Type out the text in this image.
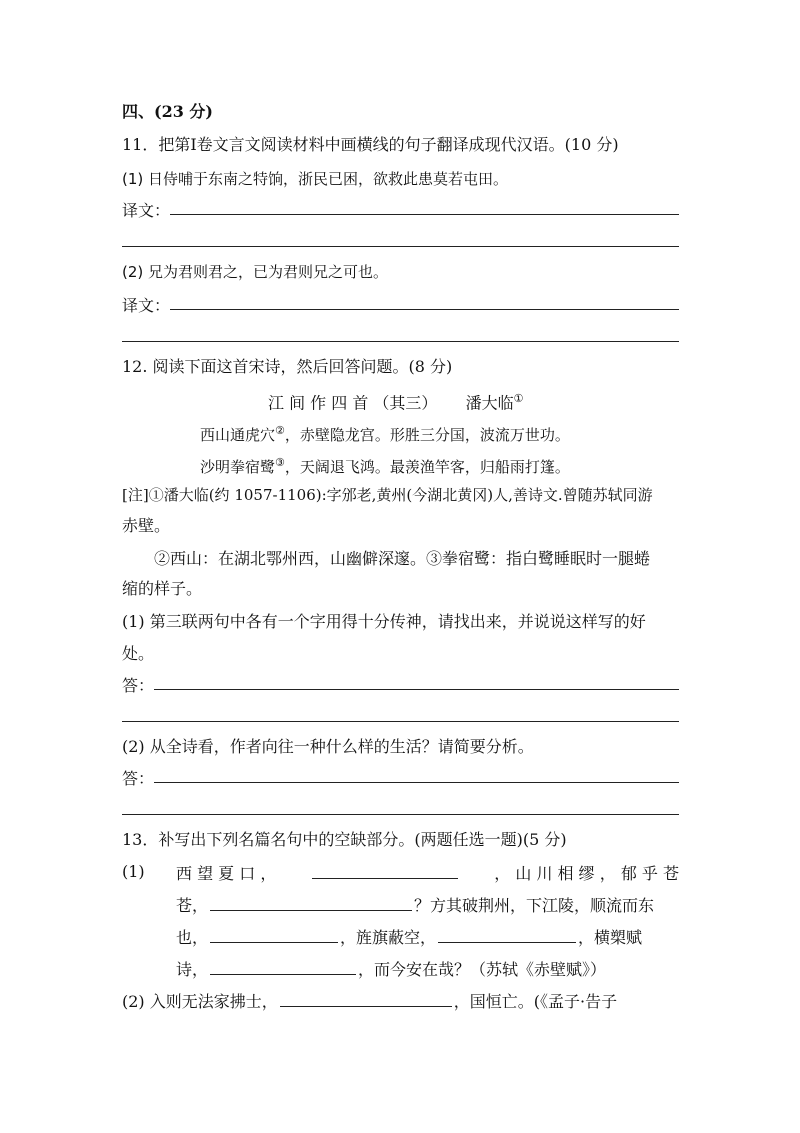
四、(23 分)
11．把第Ⅰ卷文言文阅读材料中画横线的句子翻译成现代汉语。(10 分)
(1) 日侍哺于东南之特饷，浙民已困，欲救此患莫若屯田。
译文：
(2) 兄为君则君之，已为君则兄之可也。
译文：
12. 阅读下面这首宋诗，然后回答问题。(8 分)
江 间 作 四 首 （其三） 潘大临①
西山通虎穴②，赤壁隐龙宫。形胜三分国，波流万世功。
沙明拳宿鹭③，天阔退飞鸿。最羡渔竿客，归船雨打篷。
[注]①潘大临(约 1057-1106):字邠老,黄州(今湖北黄冈)人,善诗文.曾随苏轼同游
赤壁。
②西山：在湖北鄂州西，山幽僻深邃。③拳宿鹭：指白鹭睡眠时一腿蜷
缩的样子。
(1) 第三联两句中各有一个字用得十分传神，请找出来，并说说这样写的好
处。
答：
(2) 从全诗看，作者向往一种什么样的生活？请简要分析。
答：
13．补写出下列名篇名句中的空缺部分。(两题任选一题)(5 分)
(1) 西 望 夏 口 ，	， 山 川 相 缪 ， 郁 乎 苍
苍，	？方其破荆州，下江陵，顺流而东
也，	，旌旗蔽空，	，横槊赋
诗，	，而今安在哉？（苏轼《赤壁赋》）
(2) 入则无法家拂士，	，国恒亡。(《孟子·告子
